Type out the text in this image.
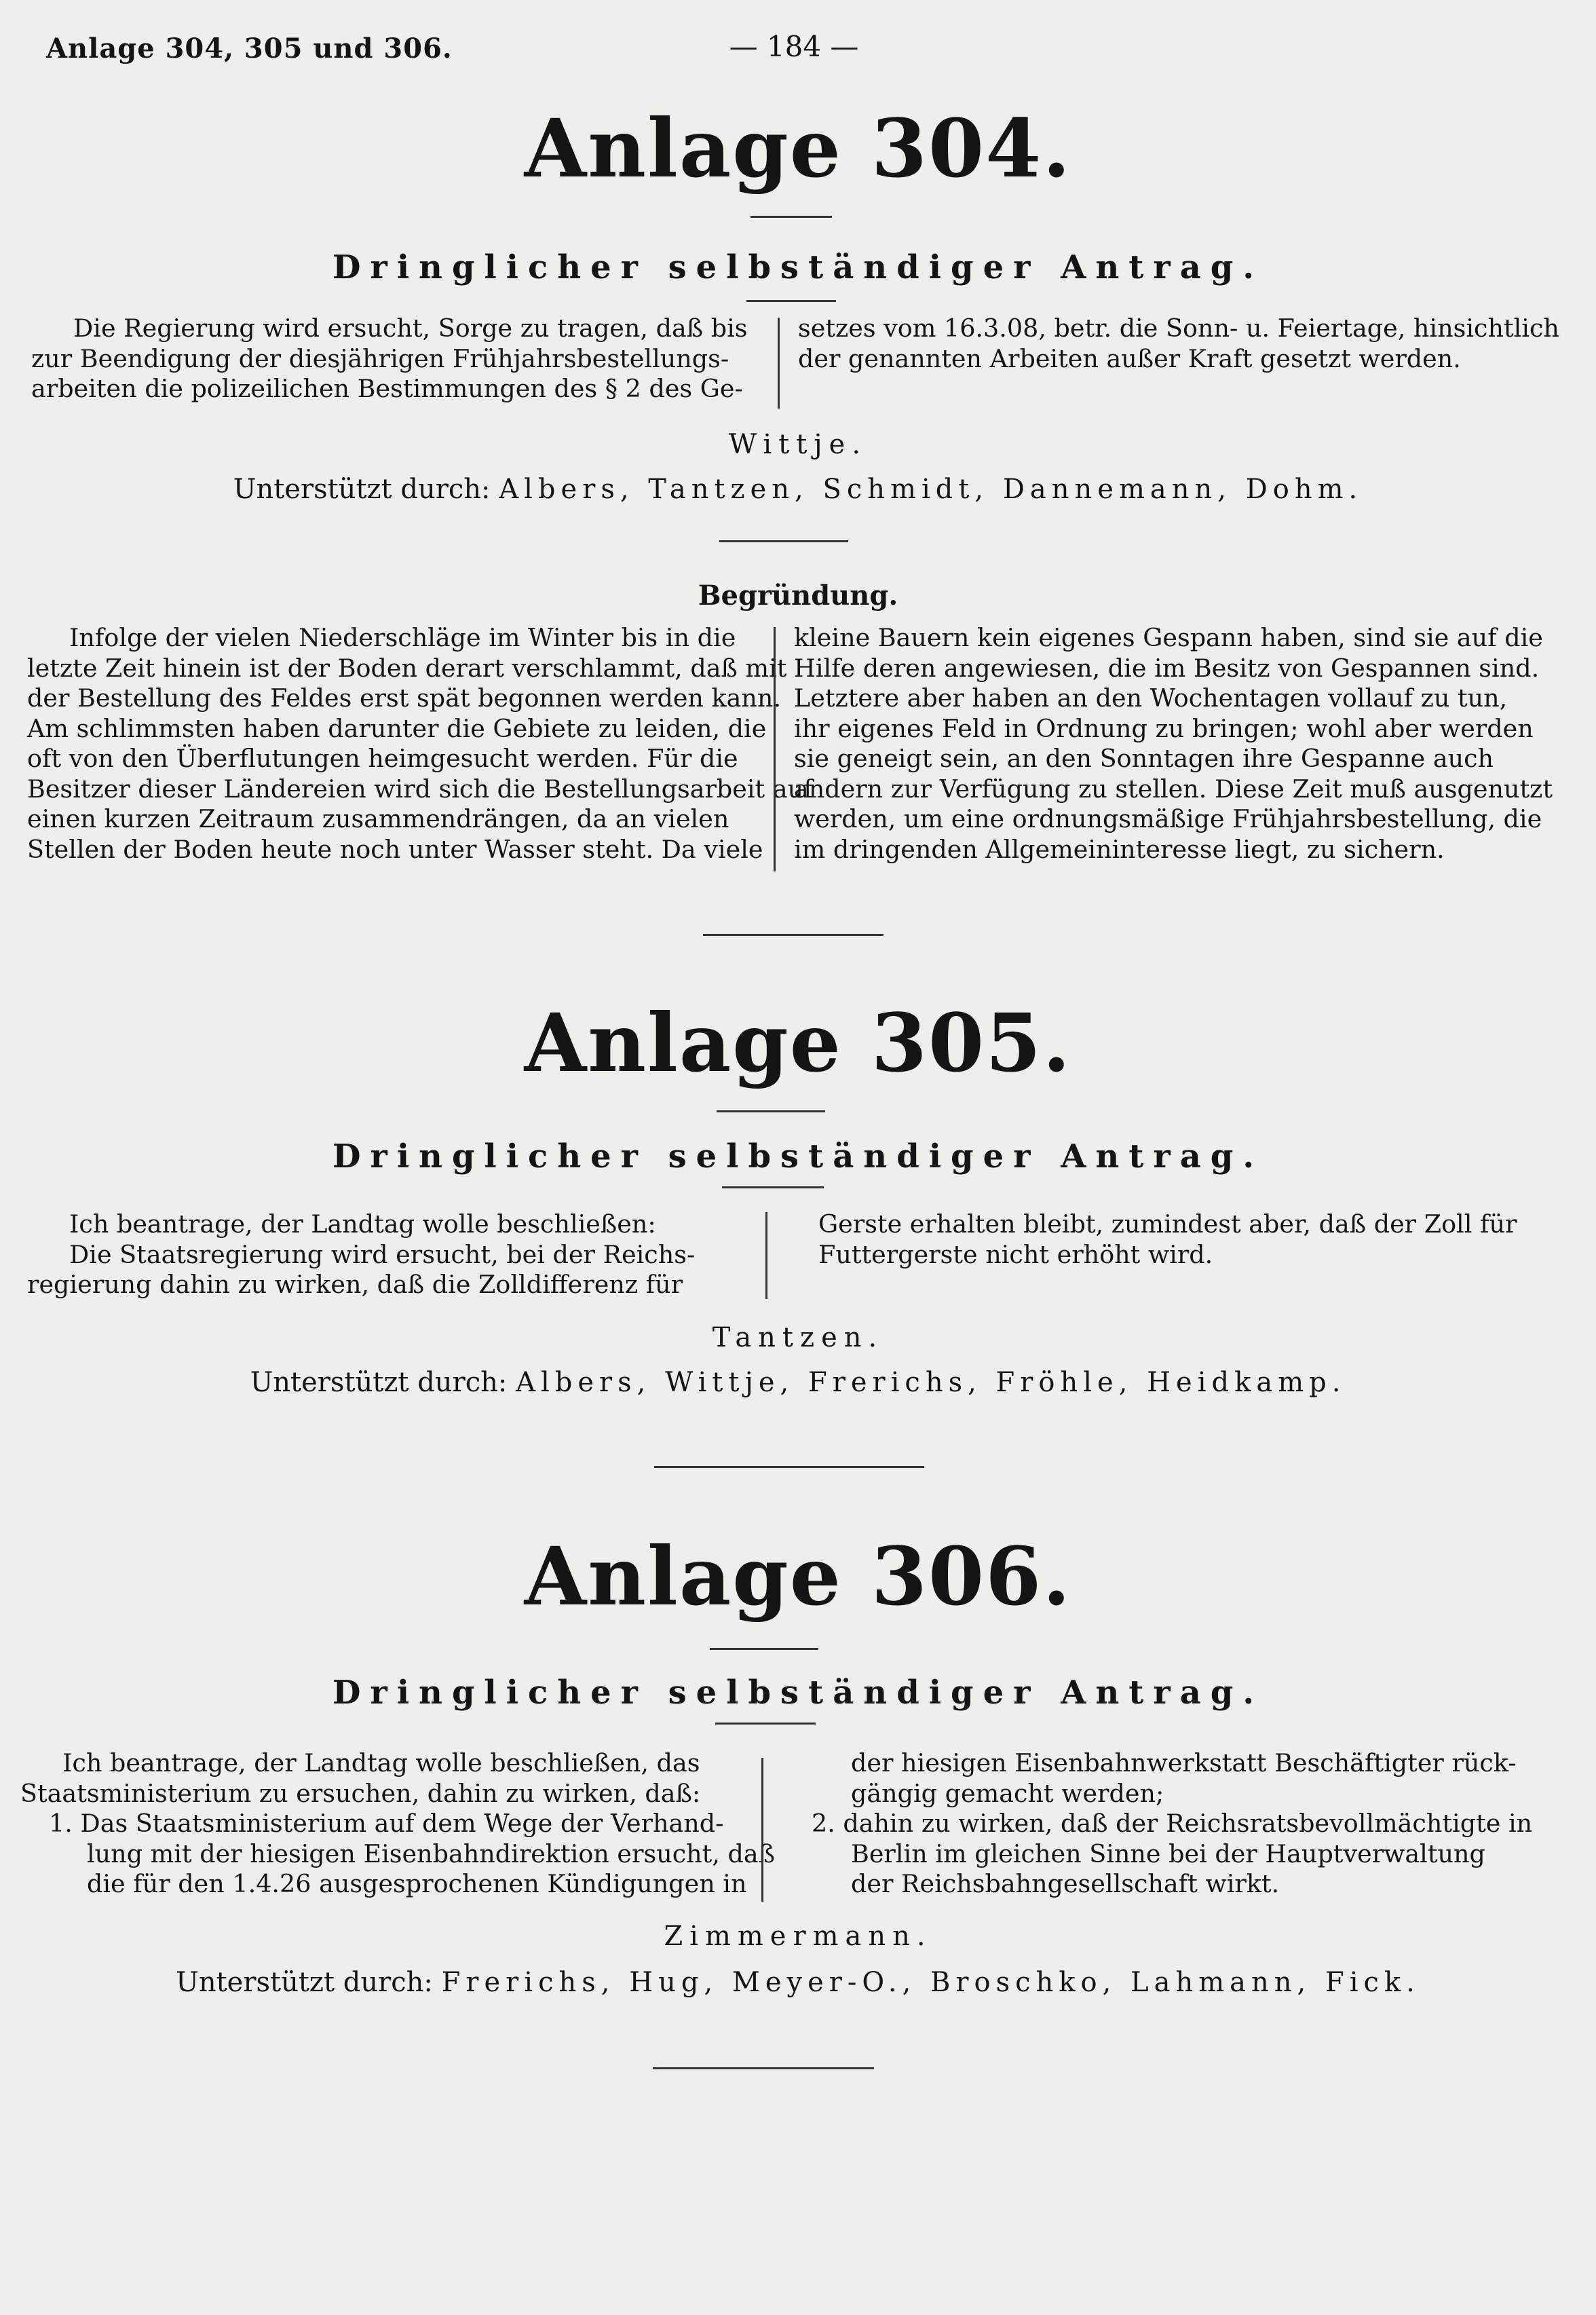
Anlage 304, 305 und 306.	— 184 —
Anlage 304.
Dringlicher selbständiger Antrag.
Die Regierung wird ersucht, Sorge zu tragen, daß bis
zur Beendigung der diesjährigen Frühjahrsbestellungs-
arbeiten die polizeilichen Bestimmungen des § 2 des Ge-
setzes vom 16.3.08, betr. die Sonn- u. Feiertage, hinsichtlich
der genannten Arbeiten außer Kraft gesetzt werden.
Wittje.
Unterstützt durch: Albers, Tantzen, Schmidt, Dannemann, Dohm.
Begründung.
Infolge der vielen Niederschläge im Winter bis in die
letzte Zeit hinein ist der Boden derart verschlammt, daß mit
der Bestellung des Feldes erst spät begonnen werden kann.
Am schlimmsten haben darunter die Gebiete zu leiden, die
oft von den Überflutungen heimgesucht werden. Für die
Besitzer dieser Ländereien wird sich die Bestellungsarbeit auf
einen kurzen Zeitraum zusammendrängen, da an vielen
Stellen der Boden heute noch unter Wasser steht. Da viele
kleine Bauern kein eigenes Gespann haben, sind sie auf die
Hilfe deren angewiesen, die im Besitz von Gespannen sind.
Letztere aber haben an den Wochentagen vollauf zu tun,
ihr eigenes Feld in Ordnung zu bringen; wohl aber werden
sie geneigt sein, an den Sonntagen ihre Gespanne auch
andern zur Verfügung zu stellen. Diese Zeit muß ausgenutzt
werden, um eine ordnungsmäßige Frühjahrsbestellung, die
im dringenden Allgemeininteresse liegt, zu sichern.
Anlage 305.
Dringlicher selbständiger Antrag.
Ich beantrage, der Landtag wolle beschließen:
Die Staatsregierung wird ersucht, bei der Reichs-
regierung dahin zu wirken, daß die Zolldifferenz für
Gerste erhalten bleibt, zumindest aber, daß der Zoll für
Futtergerste nicht erhöht wird.
Tantzen.
Unterstützt durch: Albers, Wittje, Frerichs, Fröhle, Heidkamp.
Anlage 306.
Dringlicher selbständiger Antrag.
Ich beantrage, der Landtag wolle beschließen, das
Staatsministerium zu ersuchen, dahin zu wirken, daß:
1. Das Staatsministerium auf dem Wege der Verhand-
lung mit der hiesigen Eisenbahndirektion ersucht, daß
die für den 1.4.26 ausgesprochenen Kündigungen in
der hiesigen Eisenbahnwerkstatt Beschäftigter rück-
gängig gemacht werden;
2. dahin zu wirken, daß der Reichsratsbevollmächtigte in
Berlin im gleichen Sinne bei der Hauptverwaltung
der Reichsbahngesellschaft wirkt.
Zimmermann.
Unterstützt durch: Frerichs, Hug, Meyer-O., Broschko, Lahmann, Fick.
